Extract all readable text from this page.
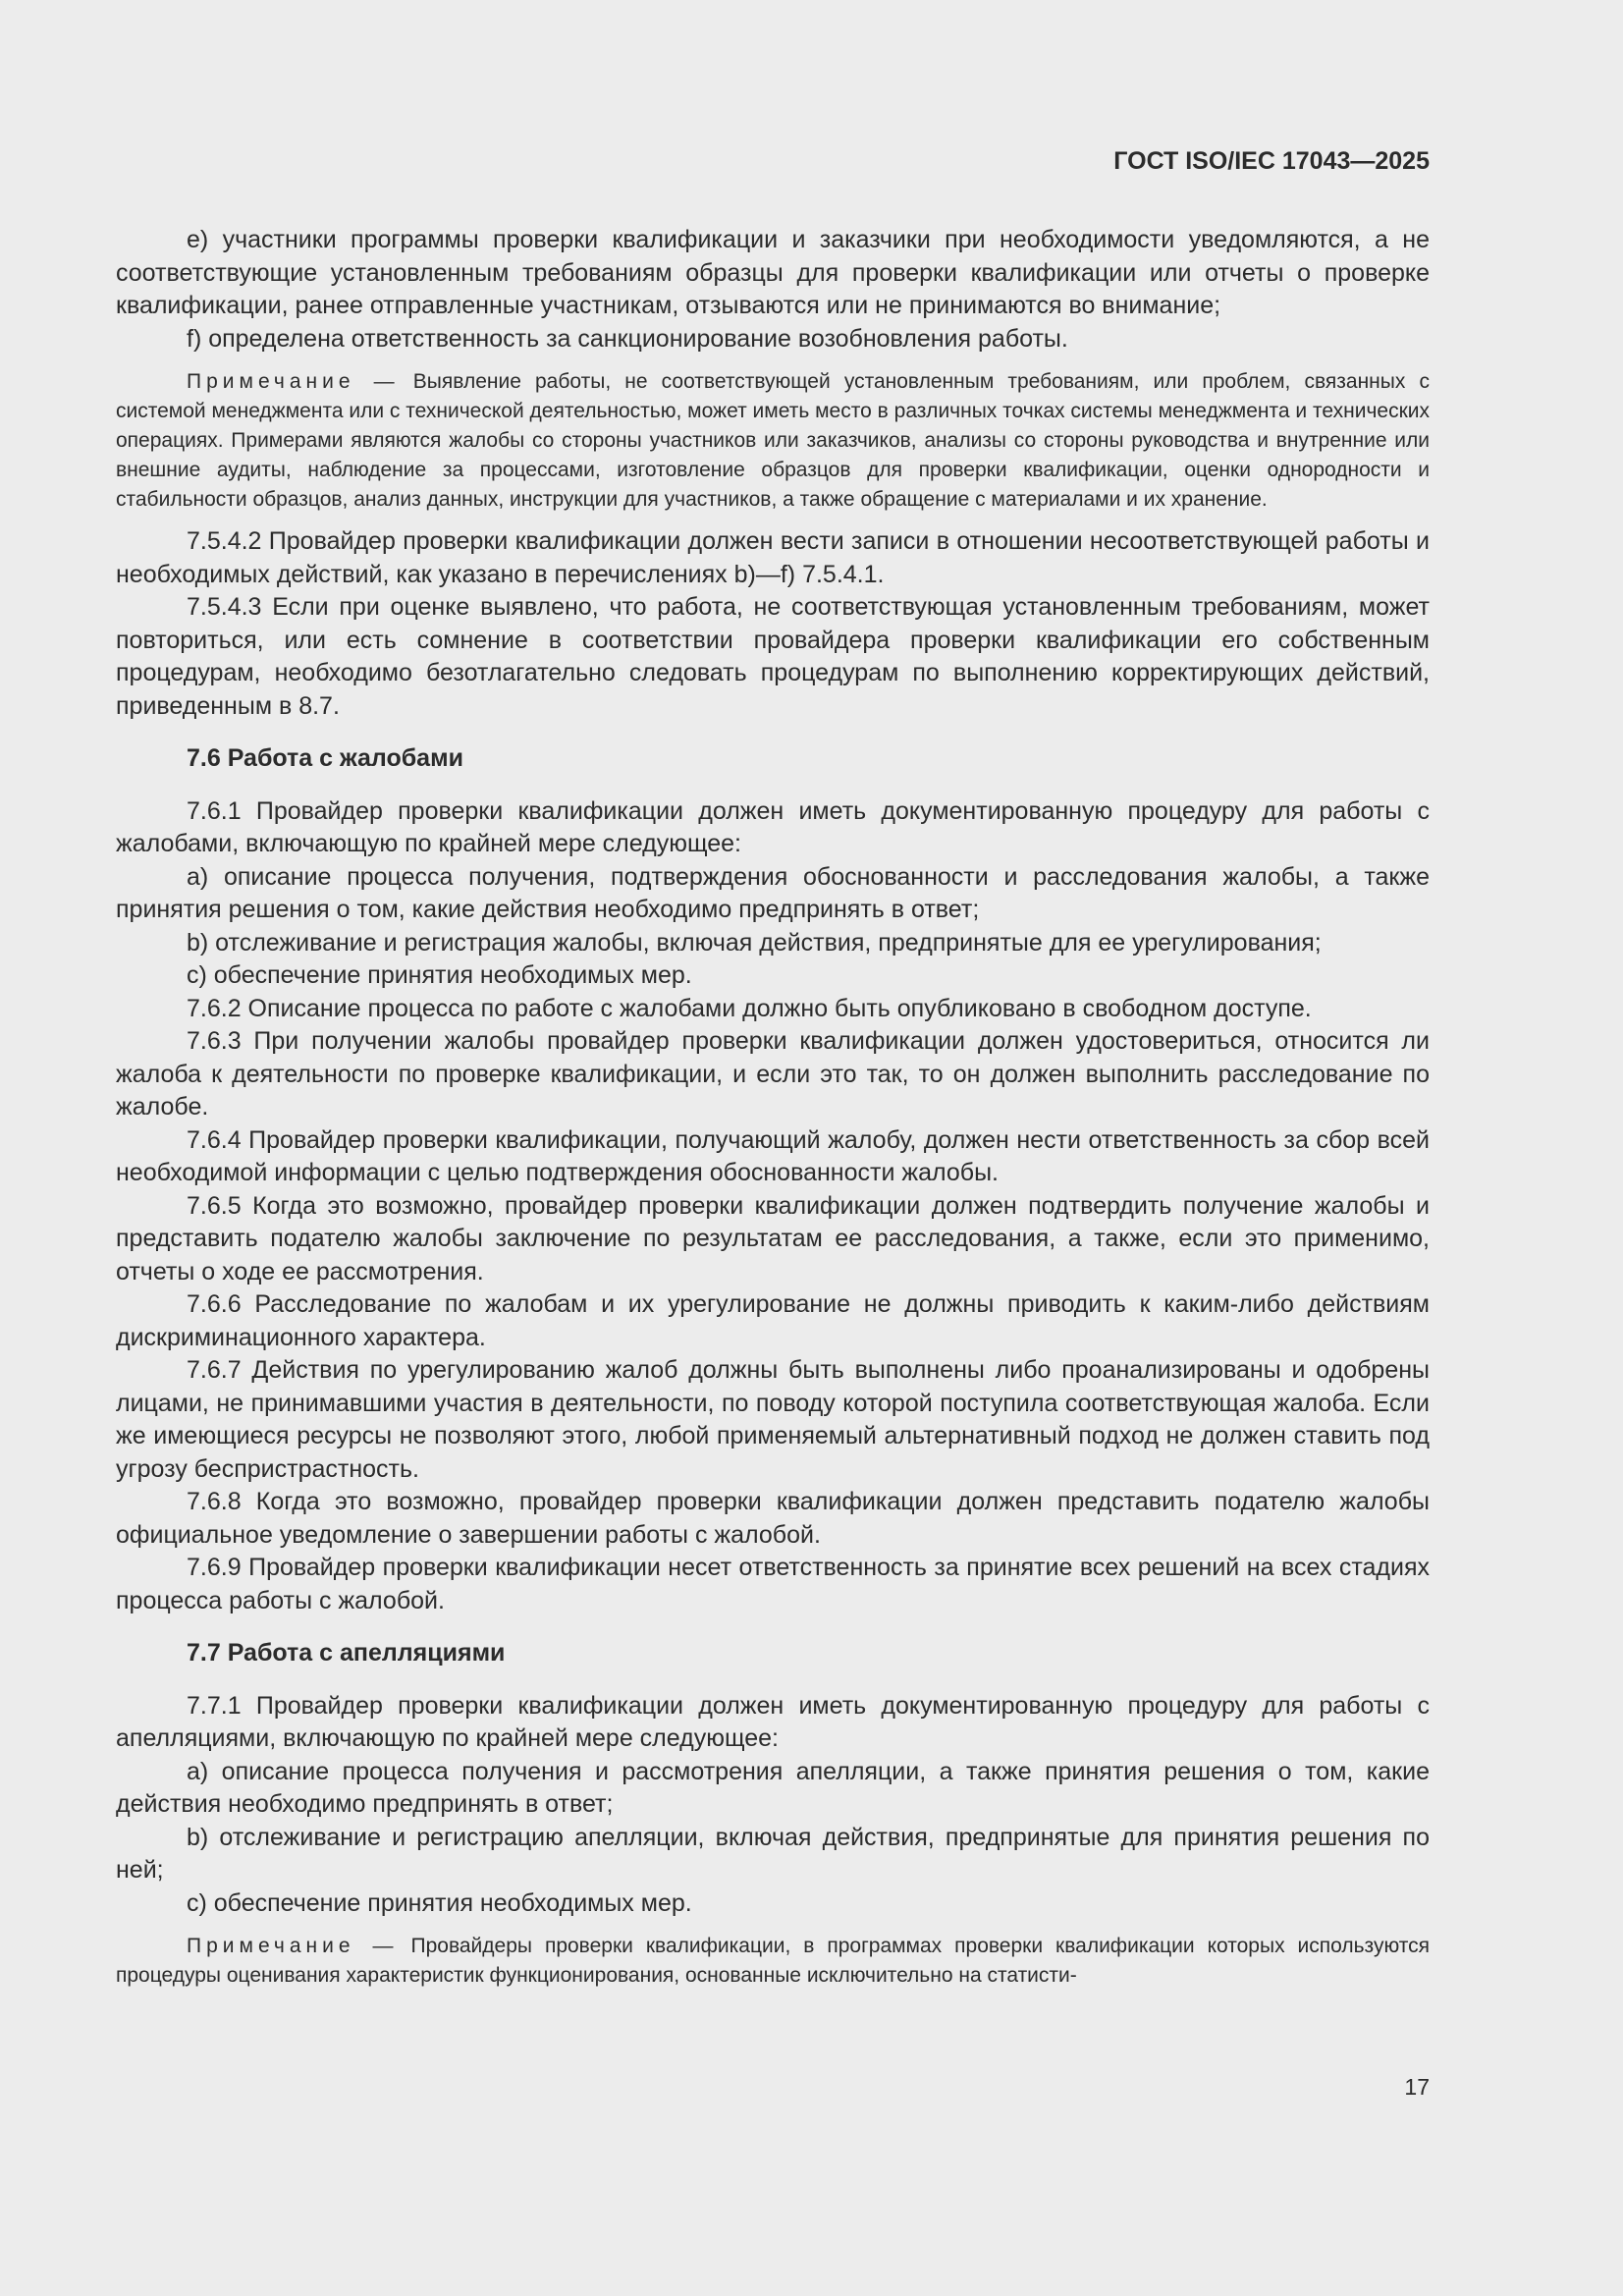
ГОСТ ISO/IEC 17043—2025

е) участники программы проверки квалификации и заказчики при необходимости уведомляются, а не соответствующие установленным требованиям образцы для проверки квалификации или отчеты о проверке квалификации, ранее отправленные участникам, отзываются или не принимаются во внимание;

f) определена ответственность за санкционирование возобновления работы.

Примечание — Выявление работы, не соответствующей установленным требованиям, или проблем, связанных с системой менеджмента или с технической деятельностью, может иметь место в различных точках системы менеджмента и технических операциях. Примерами являются жалобы со стороны участников или заказчиков, анализы со стороны руководства и внутренние или внешние аудиты, наблюдение за процессами, изготовление образцов для проверки квалификации, оценки однородности и стабильности образцов, анализ данных, инструкции для участников, а также обращение с материалами и их хранение.

7.5.4.2 Провайдер проверки квалификации должен вести записи в отношении несоответствующей работы и необходимых действий, как указано в перечислениях b)—f) 7.5.4.1.

7.5.4.3 Если при оценке выявлено, что работа, не соответствующая установленным требованиям, может повториться, или есть сомнение в соответствии провайдера проверки квалификации его собственным процедурам, необходимо безотлагательно следовать процедурам по выполнению корректирующих действий, приведенным в 8.7.

7.6 Работа с жалобами

7.6.1 Провайдер проверки квалификации должен иметь документированную процедуру для работы с жалобами, включающую по крайней мере следующее:

a) описание процесса получения, подтверждения обоснованности и расследования жалобы, а также принятия решения о том, какие действия необходимо предпринять в ответ;

b) отслеживание и регистрация жалобы, включая действия, предпринятые для ее урегулирования;

c) обеспечение принятия необходимых мер.

7.6.2 Описание процесса по работе с жалобами должно быть опубликовано в свободном доступе.

7.6.3 При получении жалобы провайдер проверки квалификации должен удостовериться, относится ли жалоба к деятельности по проверке квалификации, и если это так, то он должен выполнить расследование по жалобе.

7.6.4 Провайдер проверки квалификации, получающий жалобу, должен нести ответственность за сбор всей необходимой информации с целью подтверждения обоснованности жалобы.

7.6.5 Когда это возможно, провайдер проверки квалификации должен подтвердить получение жалобы и представить подателю жалобы заключение по результатам ее расследования, а также, если это применимо, отчеты о ходе ее рассмотрения.

7.6.6 Расследование по жалобам и их урегулирование не должны приводить к каким-либо действиям дискриминационного характера.

7.6.7 Действия по урегулированию жалоб должны быть выполнены либо проанализированы и одобрены лицами, не принимавшими участия в деятельности, по поводу которой поступила соответствующая жалоба. Если же имеющиеся ресурсы не позволяют этого, любой применяемый альтернативный подход не должен ставить под угрозу беспристрастность.

7.6.8 Когда это возможно, провайдер проверки квалификации должен представить подателю жалобы официальное уведомление о завершении работы с жалобой.

7.6.9 Провайдер проверки квалификации несет ответственность за принятие всех решений на всех стадиях процесса работы с жалобой.

7.7 Работа с апелляциями

7.7.1 Провайдер проверки квалификации должен иметь документированную процедуру для работы с апелляциями, включающую по крайней мере следующее:

a) описание процесса получения и рассмотрения апелляции, а также принятия решения о том, какие действия необходимо предпринять в ответ;

b) отслеживание и регистрацию апелляции, включая действия, предпринятые для принятия решения по ней;

c) обеспечение принятия необходимых мер.

Примечание — Провайдеры проверки квалификации, в программах проверки квалификации которых используются процедуры оценивания характеристик функционирования, основанные исключительно на статисти-

17
